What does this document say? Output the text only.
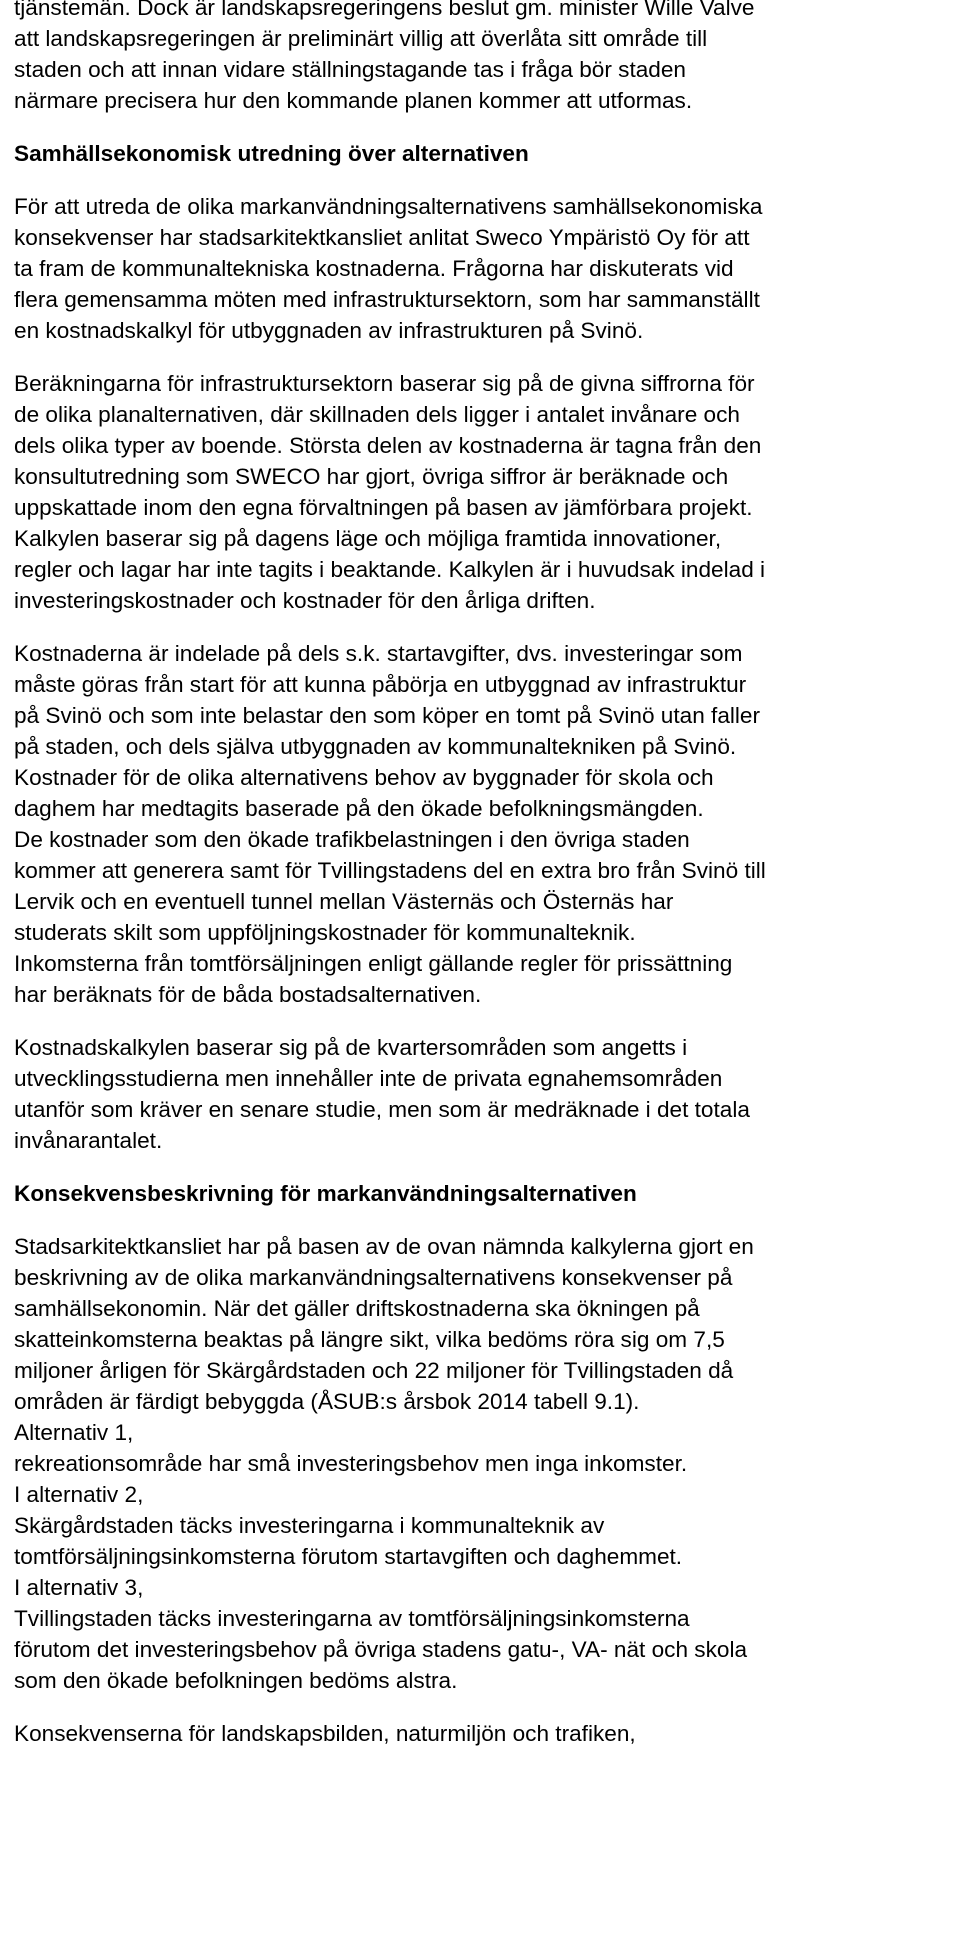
tjänstemän. Dock är landskapsregeringens beslut gm. minister Wille Valve
att landskapsregeringen är preliminärt villig att överlåta sitt område till
staden och att innan vidare ställningstagande tas i fråga bör staden
närmare precisera hur den kommande planen kommer att utformas.
Samhällsekonomisk utredning över alternativen
För att utreda de olika markanvändningsalternativens samhällsekonomiska
konsekvenser har stadsarkitektkansliet anlitat Sweco Ympäristö Oy för att
ta fram de kommunaltekniska kostnaderna. Frågorna har diskuterats vid
flera gemensamma möten med infrastruktursektorn, som har sammanställt
en kostnadskalkyl för utbyggnaden av infrastrukturen på Svinö.
Beräkningarna för infrastruktursektorn baserar sig på de givna siffrorna för
de olika planalternativen, där skillnaden dels ligger i antalet invånare och
dels olika typer av boende. Största delen av kostnaderna är tagna från den
konsultutredning som SWECO har gjort, övriga siffror är beräknade och
uppskattade inom den egna förvaltningen på basen av jämförbara projekt.
Kalkylen baserar sig på dagens läge och möjliga framtida innovationer,
regler och lagar har inte tagits i beaktande. Kalkylen är i huvudsak indelad i
investeringskostnader och kostnader för den årliga driften.
Kostnaderna är indelade på dels s.k. startavgifter, dvs. investeringar som
måste göras från start för att kunna påbörja en utbyggnad av infrastruktur
på Svinö och som inte belastar den som köper en tomt på Svinö utan faller
på staden, och dels själva utbyggnaden av kommunaltekniken på Svinö.
Kostnader för de olika alternativens behov av byggnader för skola och
daghem har medtagits baserade på den ökade befolkningsmängden.
De kostnader som den ökade trafikbelastningen i den övriga staden
kommer att generera samt för Tvillingstadens del en extra bro från Svinö till
Lervik och en eventuell tunnel mellan Västernäs och Östernäs har
studerats skilt som uppföljningskostnader för kommunalteknik.
Inkomsterna från tomtförsäljningen enligt gällande regler för prissättning
har beräknats för de båda bostadsalternativen.
Kostnadskalkylen baserar sig på de kvartersområden som angetts i
utvecklingsstudierna men innehåller inte de privata egnahemsområden
utanför som kräver en senare studie, men som är medräknade i det totala
invånarantalet.
Konsekvensbeskrivning för markanvändningsalternativen
Stadsarkitektkansliet har på basen av de ovan nämnda kalkylerna gjort en
beskrivning av de olika markanvändningsalternativens konsekvenser på
samhällsekonomin. När det gäller driftskostnaderna ska ökningen på
skatteinkomsterna beaktas på längre sikt, vilka bedöms röra sig om 7,5
miljoner årligen för Skärgårdstaden och 22 miljoner för Tvillingstaden då
områden är färdigt bebyggda (ÅSUB:s årsbok 2014 tabell 9.1).
Alternativ 1,
rekreationsområde har små investeringsbehov men inga inkomster.
I alternativ 2,
Skärgårdstaden täcks investeringarna i kommunalteknik av
tomtförsäljningsinkomsterna förutom startavgiften och daghemmet.
I alternativ 3,
Tvillingstaden täcks investeringarna av tomtförsäljningsinkomsterna
förutom det investeringsbehov på övriga stadens gatu-, VA- nät och skola
som den ökade befolkningen bedöms alstra.
Konsekvenserna för landskapsbilden, naturmiljön och trafiken,
